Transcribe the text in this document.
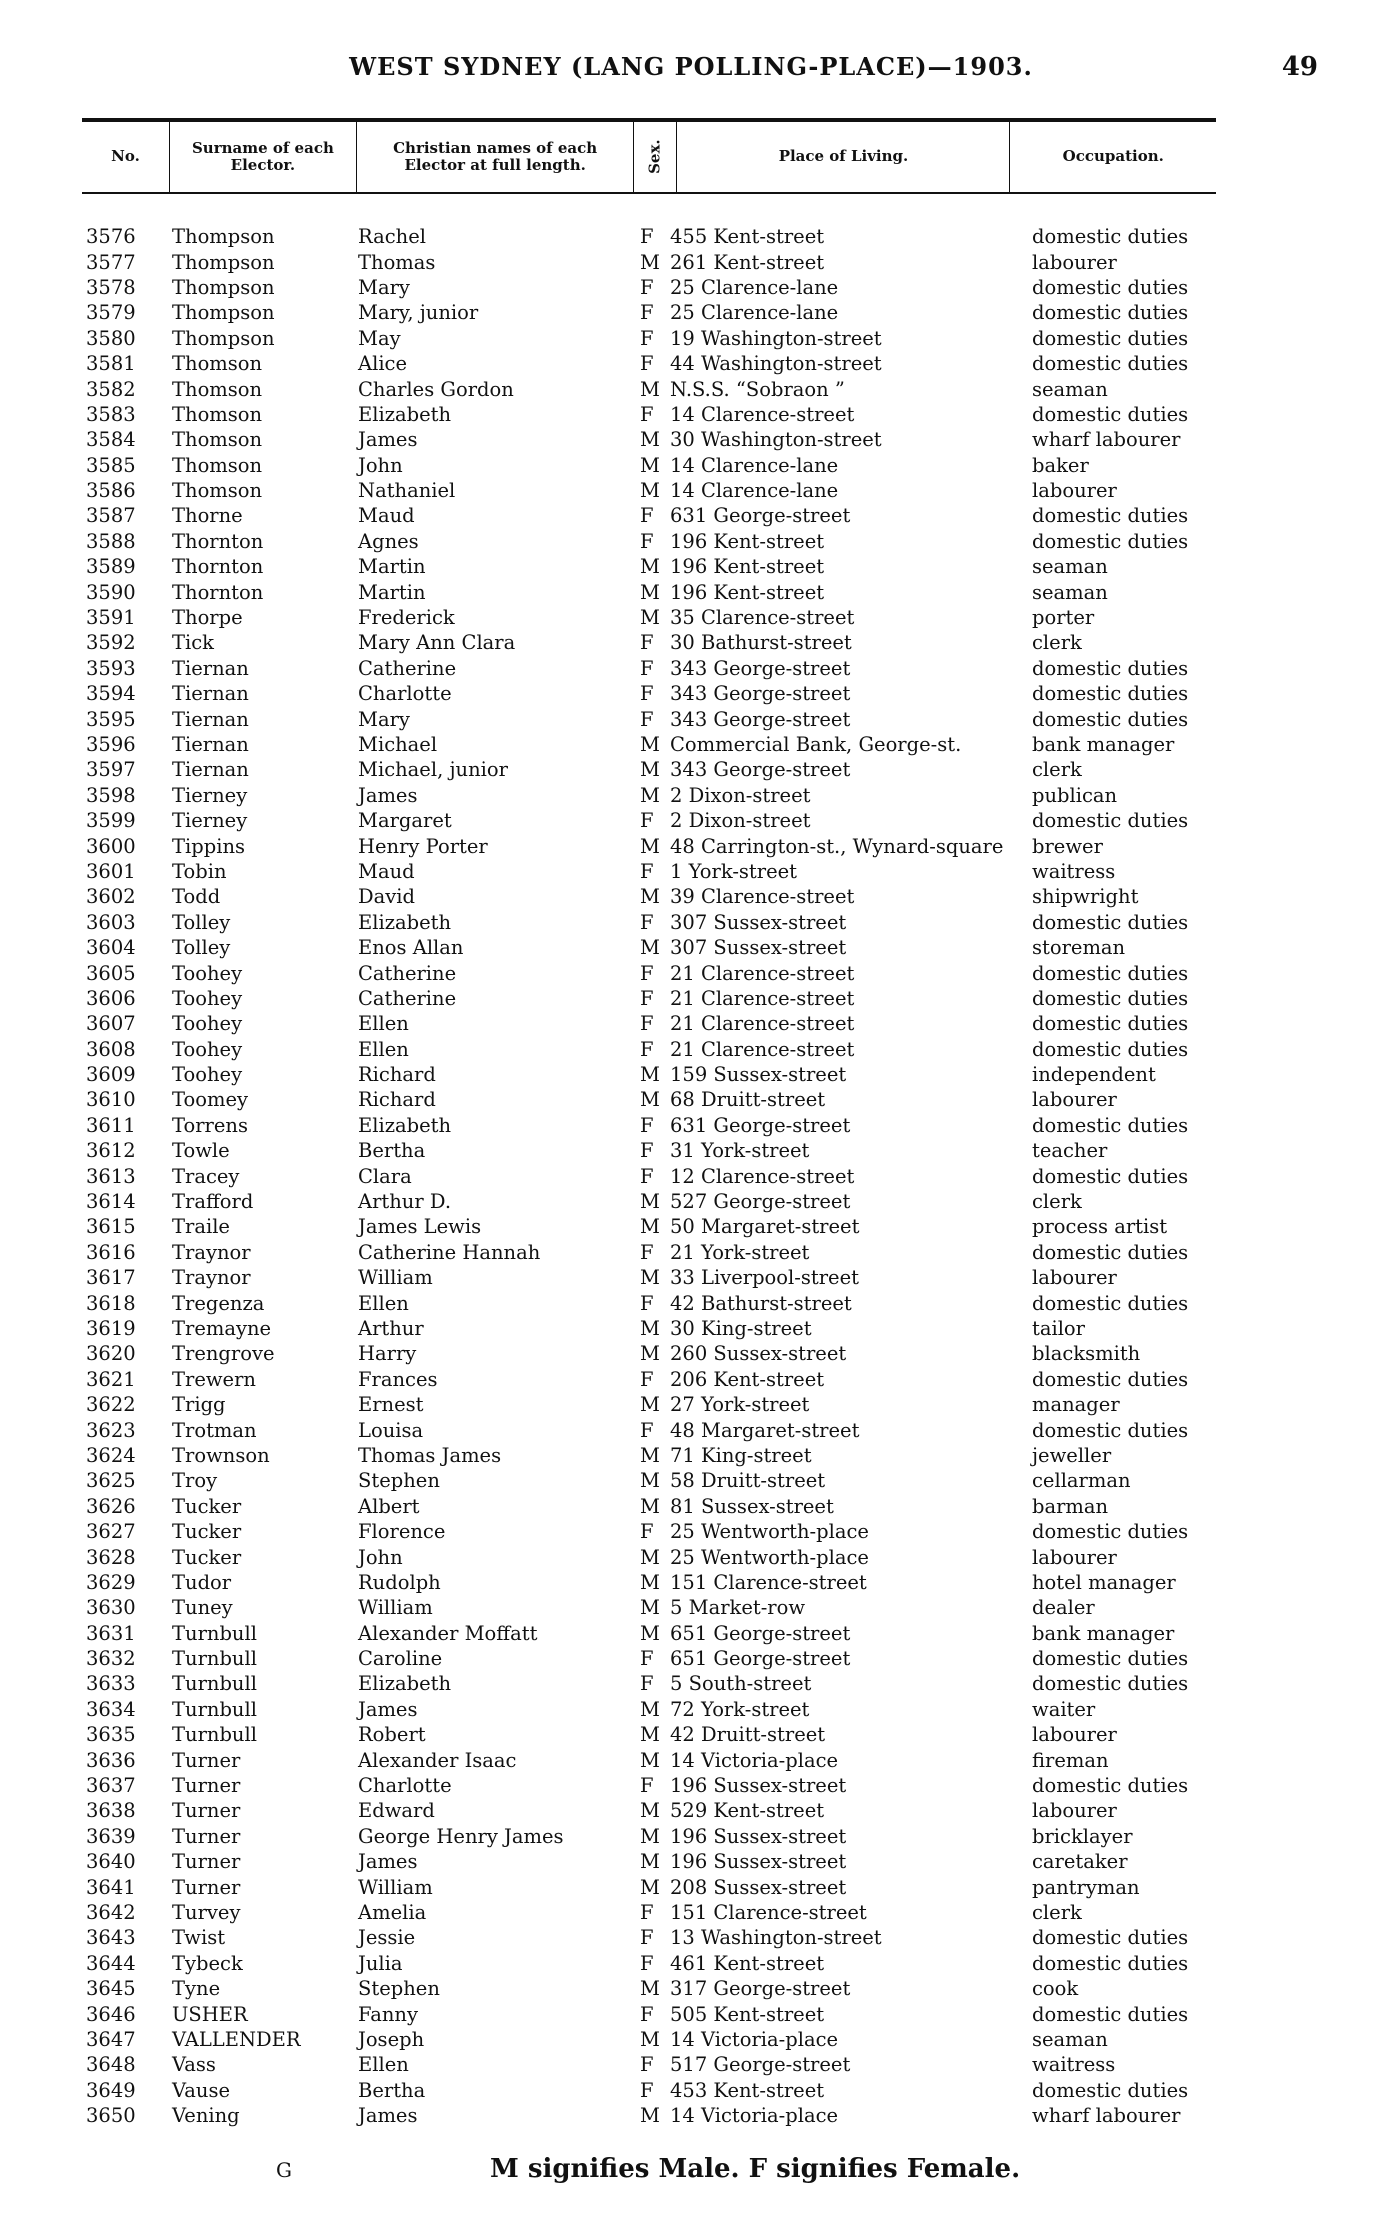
WEST SYDNEY (LANG POLLING-PLACE)—1903.	49
No.	Surname of each Elector.
Christian names of each Elector at full length.	Sex.	Place of Living.	Occupation.
3576	Thompson	Rachel	F 455 Kent-street	domestic duties
3577	Thompson	Thomas	M 261 Kent-street	labourer
3578	Thompson	Mary	F 25 Clarence-lane	domestic duties
3579	Thompson	Mary, junior	F 25 Clarence-lane	domestic duties
3580	Thompson	May	F 19 Washington-street	domestic duties
3581	Thomson	Alice	F 44 Washington-street	domestic duties
3582	Thomson	Charles Gordon	M N.S.S. “Sobraon ”	seaman
3583	Thomson	Elizabeth	F 14 Clarence-street	domestic duties
3584	Thomson	James	M 30 Washington-street	wharf labourer
3585	Thomson	John	M 14 Clarence-lane	baker
3586	Thomson	Nathaniel	M 14 Clarence-lane	labourer
3587	Thorne	Maud	F 631 George-street	domestic duties
3588	Thornton	Agnes	F 196 Kent-street	domestic duties
3589	Thornton	Martin	M 196 Kent-street	seaman
3590	Thornton	Martin	M 196 Kent-street	seaman
3591	Thorpe	Frederick	M 35 Clarence-street	porter
3592	Tick	Mary Ann Clara	F 30 Bathurst-street	clerk
3593	Tiernan	Catherine	F 343 George-street	domestic duties
3594	Tiernan	Charlotte	F 343 George-street	domestic duties
3595	Tiernan	Mary	F 343 George-street	domestic duties
3596	Tiernan	Michael	M Commercial Bank, George-st.	bank manager
3597	Tiernan	Michael, junior	M 343 George-street	clerk
3598	Tierney	James	M 2 Dixon-street	publican
3599	Tierney	Margaret	F 2 Dixon-street	domestic duties
3600	Tippins	Henry Porter	M 48 Carrington-st., Wynard-square	brewer
3601	Tobin	Maud	F 1 York-street	waitress
3602	Todd	David	M 39 Clarence-street	shipwright
3603	Tolley	Elizabeth	F 307 Sussex-street	domestic duties
3604	Tolley	Enos Allan	M 307 Sussex-street	storeman
3605	Toohey	Catherine	F 21 Clarence-street	domestic duties
3606	Toohey	Catherine	F 21 Clarence-street	domestic duties
3607	Toohey	Ellen	F 21 Clarence-street	domestic duties
3608	Toohey	Ellen	F 21 Clarence-street	domestic duties
3609	Toohey	Richard	M 159 Sussex-street	independent
3610	Toomey	Richard	M 68 Druitt-street	labourer
3611	Torrens	Elizabeth	F 631 George-street	domestic duties
3612	Towle	Bertha	F 31 York-street	teacher
3613	Tracey	Clara	F 12 Clarence-street	domestic duties
3614	Trafford	Arthur D.	M 527 George-street	clerk
3615	Traile	James Lewis	M 50 Margaret-street	process artist
3616	Traynor	Catherine Hannah	F 21 York-street	domestic duties
3617	Traynor	William	M 33 Liverpool-street	labourer
3618	Tregenza	Ellen	F 42 Bathurst-street	domestic duties
3619	Tremayne	Arthur	M 30 King-street	tailor
3620	Trengrove	Harry	M 260 Sussex-street	blacksmith
3621	Trewern	Frances	F 206 Kent-street	domestic duties
3622	Trigg	Ernest	M 27 York-street	manager
3623	Trotman	Louisa	F 48 Margaret-street	domestic duties
3624	Trownson	Thomas James	M 71 King-street	jeweller
3625	Troy	Stephen	M 58 Druitt-street	cellarman
3626	Tucker	Albert	M 81 Sussex-street	barman
3627	Tucker	Florence	F 25 Wentworth-place	domestic duties
3628	Tucker	John	M 25 Wentworth-place	labourer
3629	Tudor	Rudolph	M 151 Clarence-street	hotel manager
3630	Tuney	William	M 5 Market-row	dealer
3631	Turnbull	Alexander Moffatt	M 651 George-street	bank manager
3632	Turnbull	Caroline	F 651 George-street	domestic duties
3633	Turnbull	Elizabeth	F 5 South-street	domestic duties
3634	Turnbull	James	M 72 York-street	waiter
3635	Turnbull	Robert	M 42 Druitt-street	labourer
3636	Turner	Alexander Isaac	M 14 Victoria-place	fireman
3637	Turner	Charlotte	F 196 Sussex-street	domestic duties
3638	Turner	Edward	M 529 Kent-street	labourer
3639	Turner	George Henry James	M 196 Sussex-street	bricklayer
3640	Turner	James	M 196 Sussex-street	caretaker
3641	Turner	William	M 208 Sussex-street	pantryman
3642	Turvey	Amelia	F 151 Clarence-street	clerk
3643	Twist	Jessie	F 13 Washington-street	domestic duties
3644	Tybeck	Julia	F 461 Kent-street	domestic duties
3645	Tyne	Stephen	M 317 George-street	cook
3646	USHER	Fanny	F 505 Kent-street	domestic duties
3647	VALLENDER	Joseph	M 14 Victoria-place	seaman
3648	Vass	Ellen	F 517 George-street	waitress
3649	Vause	Bertha	F 453 Kent-street	domestic duties
3650	Vening	James	M 14 Victoria-place	wharf labourer
G	M signifies Male. F signifies Female.
